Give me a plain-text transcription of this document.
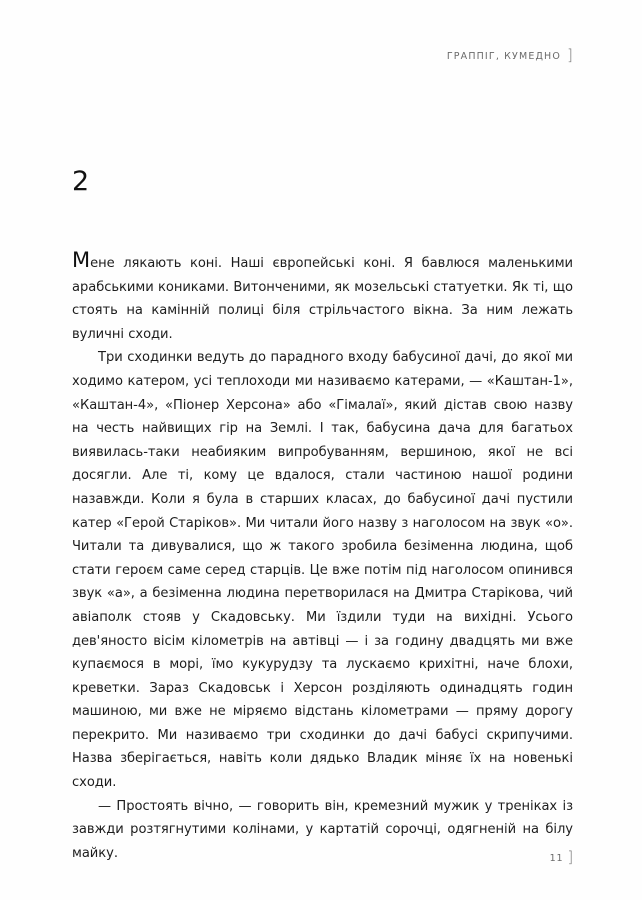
ГРАППІГ, КУМЕДНО ]
2

Мене лякають коні. Наші європейські коні. Я бавлюся маленькими арабськими кониками. Витонченими, як мозельські статуетки. Як ті, що стоять на камінній полиці біля стрільчастого вікна. За ним лежать вуличні сходи.

Три сходинки ведуть до парадного входу бабусиної дачі, до якої ми ходимо катером, усі теплоходи ми називаємо катерами, — «Каштан-1», «Каштан-4», «Піонер Херсона» або «Гімалаї», який дістав свою назву на честь найвищих гір на Землі. І так, бабусина дача для багатьох виявилась-таки неабияким випробуванням, вершиною, якої не всі досягли. Але ті, кому це вдалося, стали частиною нашої родини назавжди. Коли я була в старших класах, до бабусиної дачі пустили катер «Герой Старіков». Ми читали його назву з наголосом на звук «о». Читали та дивувалися, що ж такого зробила безіменна людина, щоб стати героєм саме серед старців. Це вже потім під наголосом опинився звук «а», а безіменна людина перетворилася на Дмитра Старікова, чий авіаполк стояв у Скадовську. Ми їздили туди на вихідні. Усього дев'яносто вісім кілометрів на автівці — і за годину двадцять ми вже купаємося в морі, їмо кукурудзу та лускаємо крихітні, наче блохи, креветки. Зараз Скадовськ і Херсон розділяють одинадцять годин машиною, ми вже не міряємо відстань кілометрами — пряму дорогу перекрито. Ми називаємо три сходинки до дачі бабусі скрипучими. Назва зберігається, навіть коли дядько Владик міняє їх на новенькі сходи.

— Простоять вічно, — говорить він, кремезний мужик у треніках із завжди розтягнутими колінами, у картатій сорочці, одягненій на білу майку.	11 ]
